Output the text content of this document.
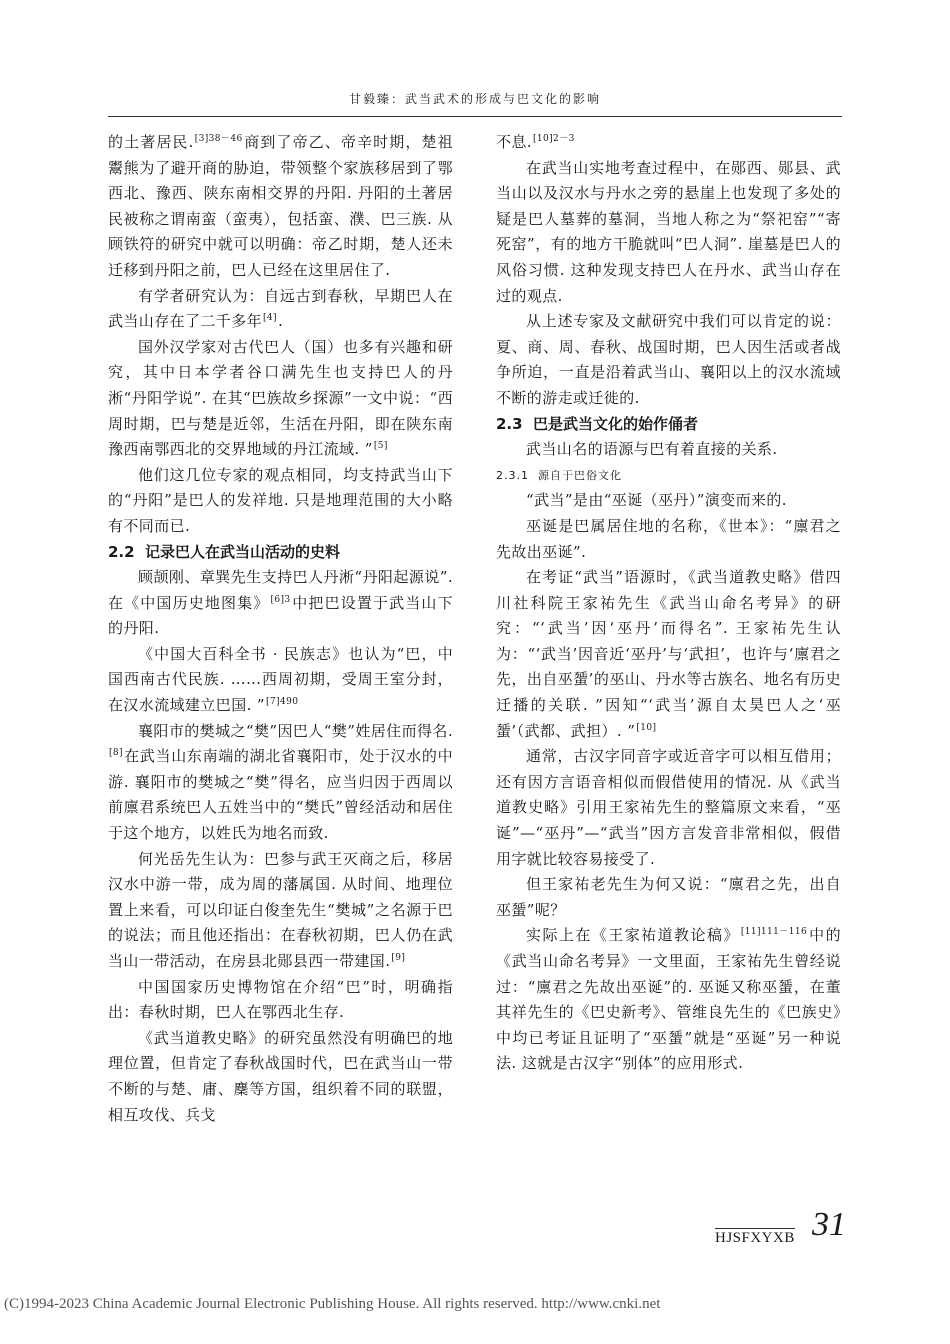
甘毅臻：武当武术的形成与巴文化的影响

的土著居民.$^{[3]38-46}$商到了帝乙、帝辛时期，楚祖鬻熊为了避开商的胁迫，带领整个家族移居到了鄂西北、豫西、陕东南相交界的丹阳. 丹阳的土著居民被称之谓南蛮（蛮夷），包括蛮、濮、巴三族. 从顾铁符的研究中就可以明确：帝乙时期，楚人还未迁移到丹阳之前，巴人已经在这里居住了.

有学者研究认为：自远古到春秋，早期巴人在武当山存在了二千多年[4].

国外汉学家对古代巴人（国）也多有兴趣和研究，其中日本学者谷口满先生也支持巴人的丹淅“丹阳学说”. 在其“巴族故乡探源”一文中说：“西周时期，巴与楚是近邻，生活在丹阳，即在陕东南豫西南鄂西北的交界地域的丹江流域. ”[5]

他们这几位专家的观点相同，均支持武当山下的“丹阳”是巴人的发祥地. 只是地理范围的大小略有不同而已.

2.2 记录巴人在武当山活动的史料

顾颉刚、章巽先生支持巴人丹淅“丹阳起源说”. 在《中国历史地图集》$^{[6]3}$中把巴设置于武当山下的丹阳.

《中国大百科全书 · 民族志》也认为“巴，中国西南古代民族. ……西周初期，受周王室分封，在汉水流域建立巴国. ”$^{[7]490}$

襄阳市的樊城之“樊”因巴人“樊”姓居住而得名.[8]在武当山东南端的湖北省襄阳市，处于汉水的中游. 襄阳市的樊城之“樊”得名，应当归因于西周以前廪君系统巴人五姓当中的“樊氏”曾经活动和居住于这个地方，以姓氏为地名而致.

何光岳先生认为：巴参与武王灭商之后，移居汉水中游一带，成为周的藩属国. 从时间、地理位置上来看，可以印证白俊奎先生“樊城”之名源于巴的说法；而且他还指出：在春秋初期，巴人仍在武当山一带活动，在房县北郧县西一带建国.[9]

中国国家历史博物馆在介绍“巴”时，明确指出：春秋时期，巴人在鄂西北生存.

《武当道教史略》的研究虽然没有明确巴的地理位置，但肯定了春秋战国时代，巴在武当山一带不断的与楚、庸、麇等方国，组织着不同的联盟，相互攻伐、兵戈

不息.$^{[10]2-3}$

在武当山实地考查过程中，在郧西、郧县、武当山以及汉水与丹水之旁的悬崖上也发现了多处的疑是巴人墓葬的墓洞，当地人称之为“祭祀窑”“寄死窑”，有的地方干脆就叫“巴人洞”. 崖墓是巴人的风俗习惯. 这种发现支持巴人在丹水、武当山存在过的观点.

从上述专家及文献研究中我们可以肯定的说：夏、商、周、春秋、战国时期，巴人因生活或者战争所迫，一直是沿着武当山、襄阳以上的汉水流域不断的游走或迁徙的.

2.3 巴是武当文化的始作俑者

武当山名的语源与巴有着直接的关系.

2.3.1 源自于巴俗文化

“武当”是由“巫诞（巫丹）”演变而来的.

巫诞是巴属居住地的名称，《世本》：“廪君之先故出巫诞”.

在考证“武当”语源时，《武当道教史略》借四川社科院王家祐先生《武当山命名考异》的研究：“‘武当’因‘巫丹’而得名”. 王家祐先生认为：“‘武当’因音近‘巫丹’与‘武担’，也许与‘廪君之先，出自巫蜑’的巫山、丹水等古族名、地名有历史迁播的关联. ”因知“‘武当’源自太昊巴人之‘巫蜑’（武都、武担）. ”[10]

通常，古汉字同音字或近音字可以相互借用；还有因方言语音相似而假借使用的情况. 从《武当道教史略》引用王家祐先生的整篇原文来看，“巫诞”—“巫丹”—“武当”因方言发音非常相似，假借用字就比较容易接受了.

但王家祐老先生为何又说：“廪君之先，出自巫蜑”呢？

实际上在《王家祐道教论稿》$^{[11]111-116}$中的《武当山命名考异》一文里面，王家祐先生曾经说过：“廪君之先故出巫诞”的. 巫诞又称巫蜑，在董其祥先生的《巴史新考》、管维良先生的《巴族史》中均已考证且证明了“巫蜑”就是“巫诞”另一种说法. 这就是古汉字“别体”的应用形式.

HJSFXYXB 31
(C)1994-2023 China Academic Journal Electronic Publishing House. All rights reserved. http://www.cnki.net
